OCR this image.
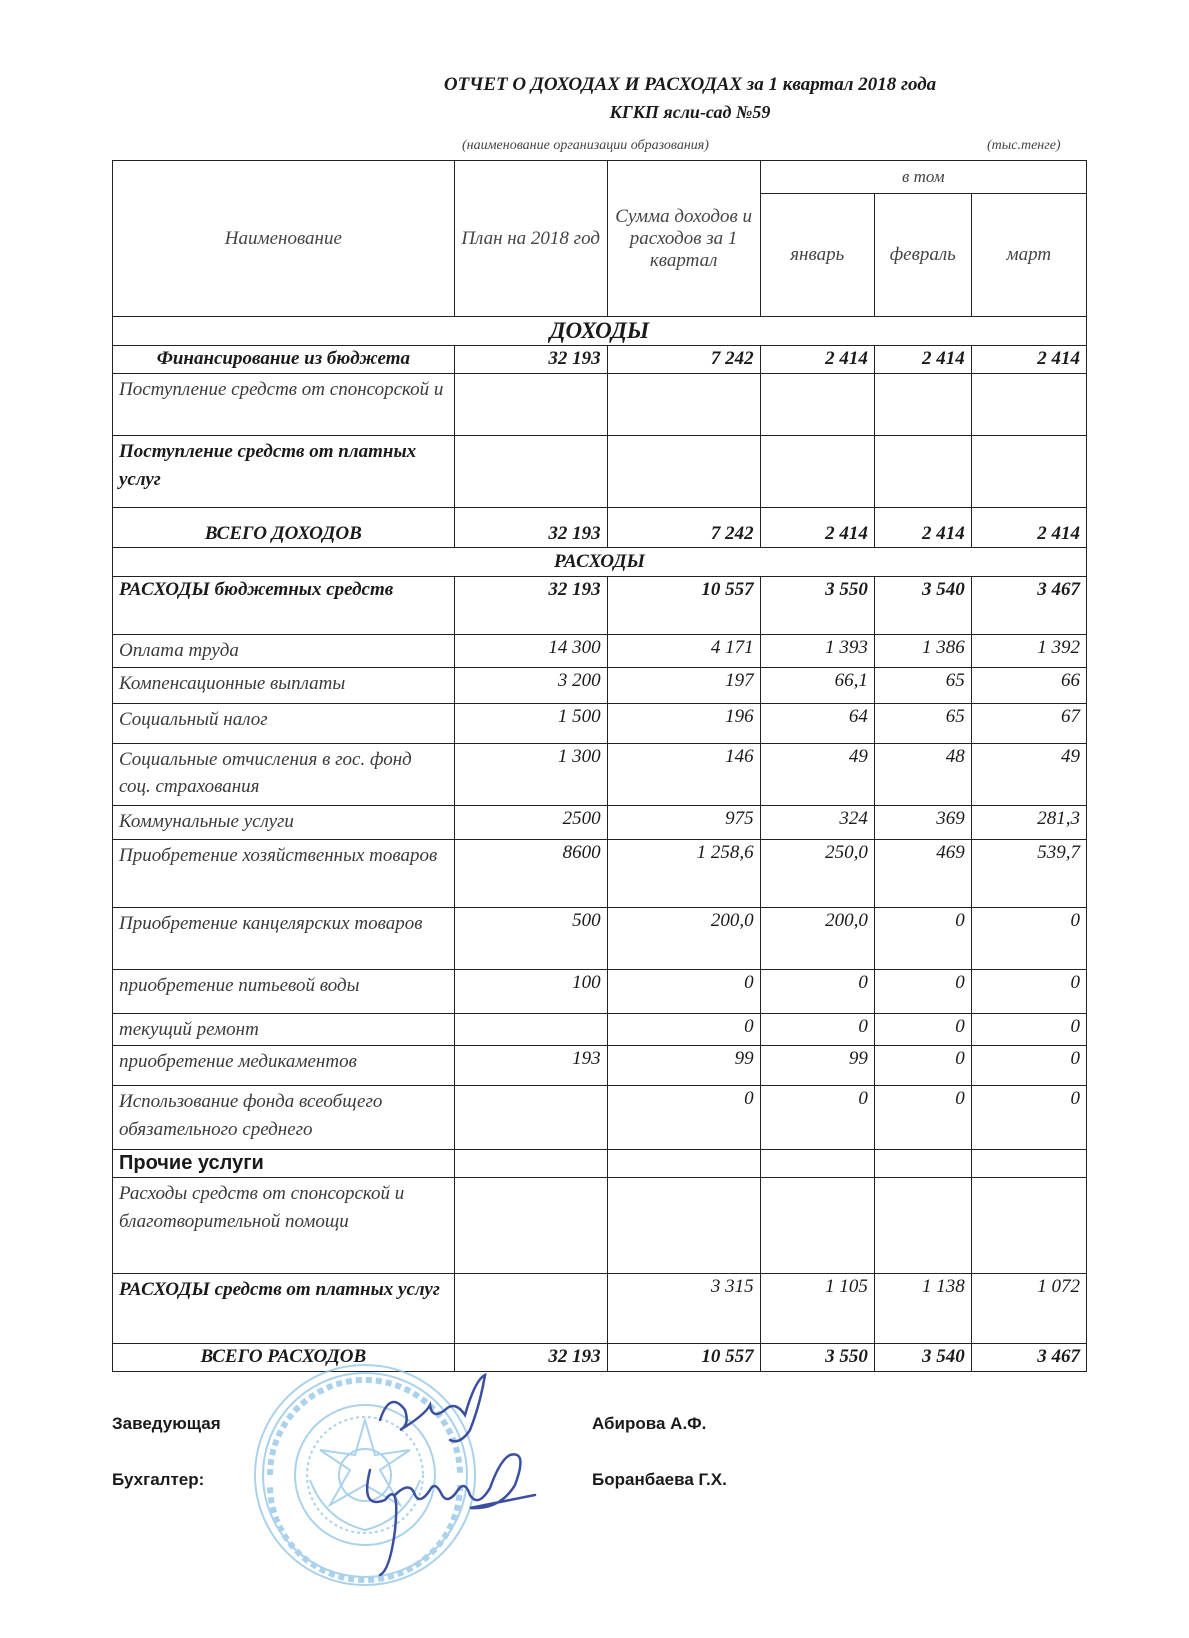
ОТЧЕТ О ДОХОДАХ И РАСХОДАХ за 1 квартал 2018 года
КГКП ясли-сад №59
(наименование организации образования)	(тыс.тенге)
Наименование	План на 2018 год	Сумма доходов и расходов за 1 квартал	в том		
			январь	февраль	март
ДОХОДЫ					
Финансирование из бюджета	32 193	7 242	2 414	2 414	2 414
Поступление средств от спонсорской и					
Поступление средств от платных услуг					
ВСЕГО ДОХОДОВ	32 193	7 242	2 414	2 414	2 414
РАСХОДЫ					
РАСХОДЫ бюджетных средств	32 193	10 557	3 550	3 540	3 467
Оплата труда	14 300	4 171	1 393	1 386	1 392
Компенсационные выплаты	3 200	197	66,1	65	66
Социальный налог	1 500	196	64	65	67
Социальные отчисления в гос. фонд соц. страхования	1 300	146	49	48	49
Коммунальные услуги	2500	975	324	369	281,3
Приобретение хозяйственных товаров	8600	1 258,6	250,0	469	539,7
Приобретение канцелярских товаров	500	200,0	200,0	0	0
приобретение питьевой воды	100	0	0	0	0
текущий ремонт		0	0	0	0
приобретение медикаментов	193	99	99	0	0
Использование фонда всеобщего обязательного среднего		0	0	0	0
Прочие услуги					
Расходы средств от спонсорской и благотворительной помощи					
РАСХОДЫ средств от платных услуг		3 315	1 105	1 138	1 072
ВСЕГО РАСХОДОВ	32 193	10 557	3 550	3 540	3 467
Заведующая	Абирова А.Ф.
Бухгалтер:	Боранбаева Г.Х.
